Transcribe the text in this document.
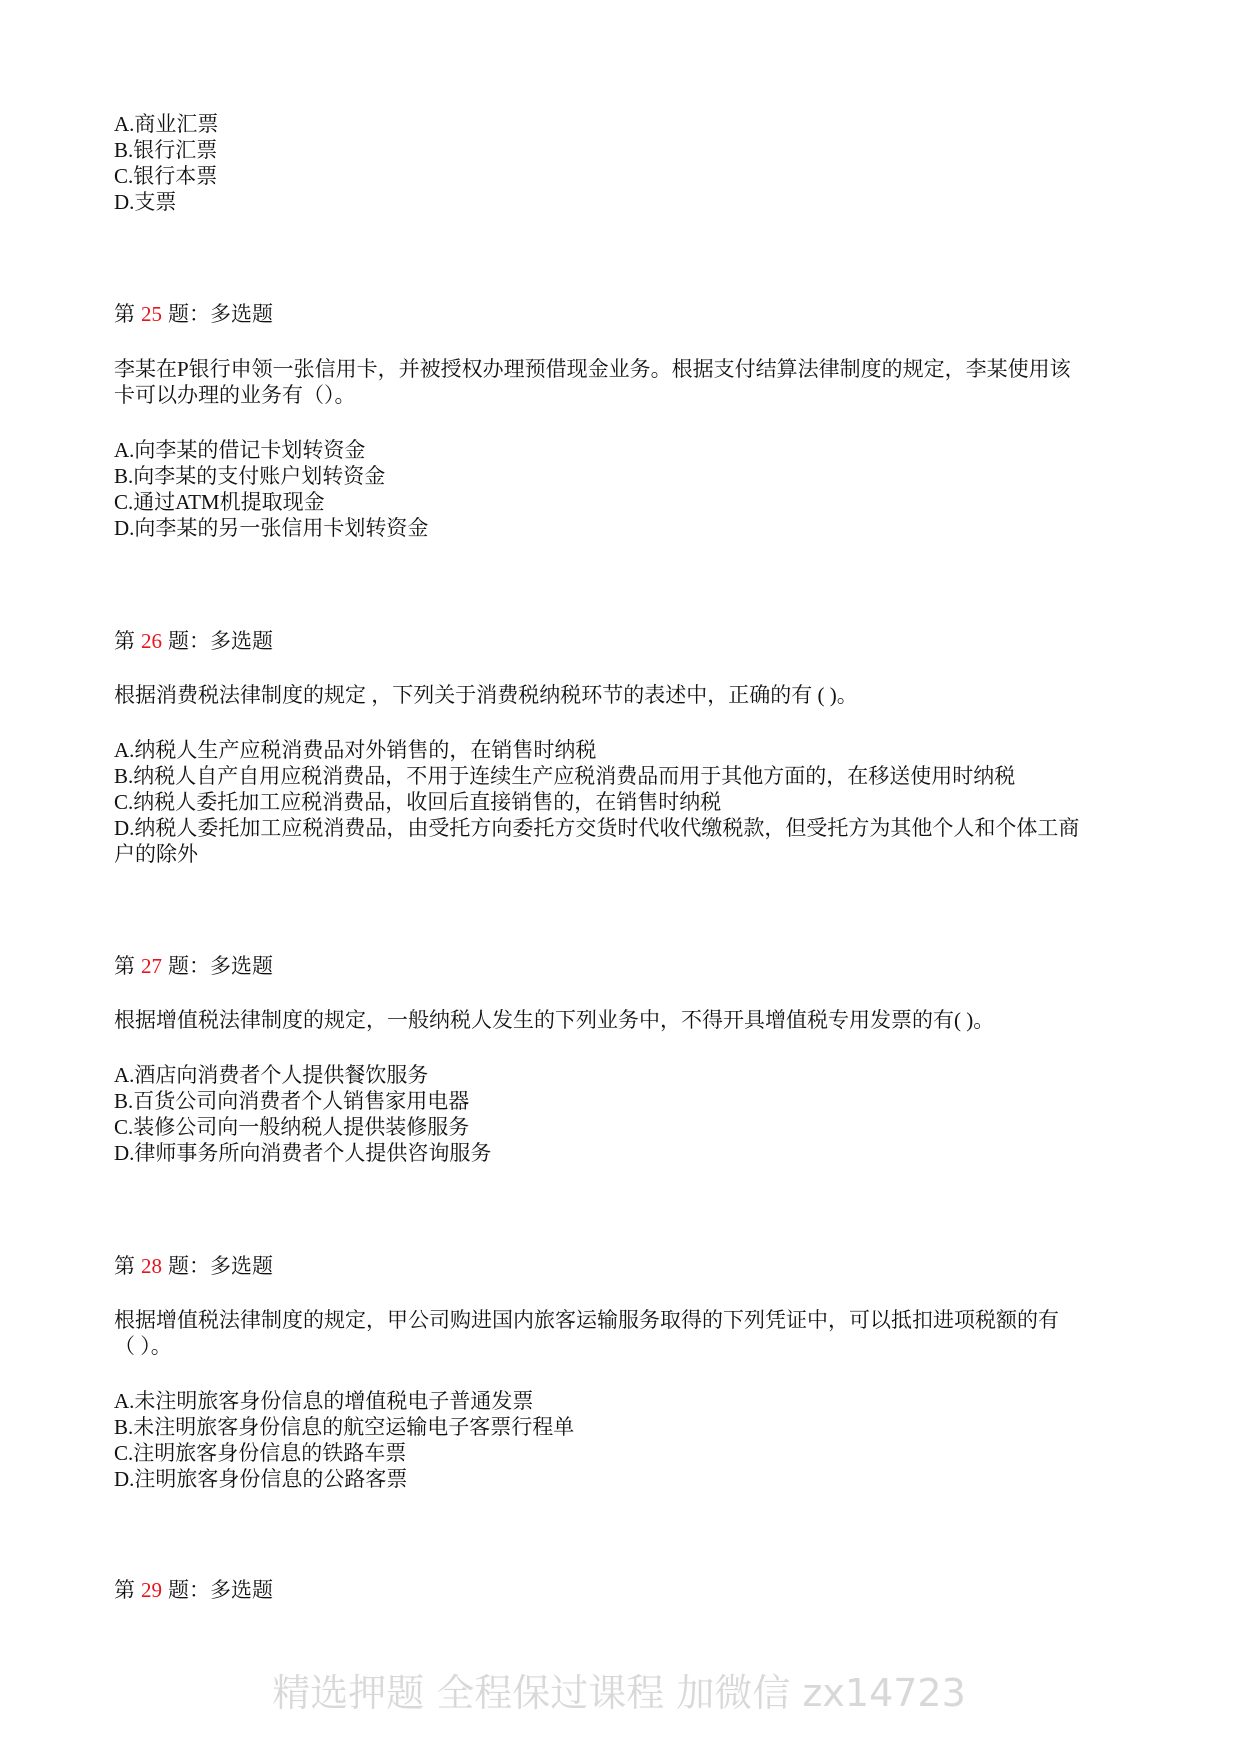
精选押题 全程保过课程 加微信 zx14723
A.商业汇票
B.银行汇票
C.银行本票
D.支票
第 25 题：多选题
李某在P银行申领一张信用卡，并被授权办理预借现金业务。根据支付结算法律制度的规定，李某使用该
卡可以办理的业务有（）。
A.向李某的借记卡划转资金
B.向李某的支付账户划转资金
C.通过ATM机提取现金
D.向李某的另一张信用卡划转资金
第 26 题：多选题
根据消费税法律制度的规定 ，下列关于消费税纳税环节的表述中，正确的有 ( )。
A.纳税人生产应税消费品对外销售的，在销售时纳税
B.纳税人自产自用应税消费品，不用于连续生产应税消费品而用于其他方面的，在移送使用时纳税
C.纳税人委托加工应税消费品，收回后直接销售的，在销售时纳税
D.纳税人委托加工应税消费品，由受托方向委托方交货时代收代缴税款，但受托方为其他个人和个体工商
户的除外
第 27 题：多选题
根据增值税法律制度的规定，一般纳税人发生的下列业务中，不得开具增值税专用发票的有( )。
A.酒店向消费者个人提供餐饮服务
B.百货公司向消费者个人销售家用电器
C.装修公司向一般纳税人提供装修服务
D.律师事务所向消费者个人提供咨询服务
第 28 题：多选题
根据增值税法律制度的规定，甲公司购进国内旅客运输服务取得的下列凭证中，可以抵扣进项税额的有
（ ）。
A.未注明旅客身份信息的增值税电子普通发票
B.未注明旅客身份信息的航空运输电子客票行程单
C.注明旅客身份信息的铁路车票
D.注明旅客身份信息的公路客票
第 29 题：多选题
